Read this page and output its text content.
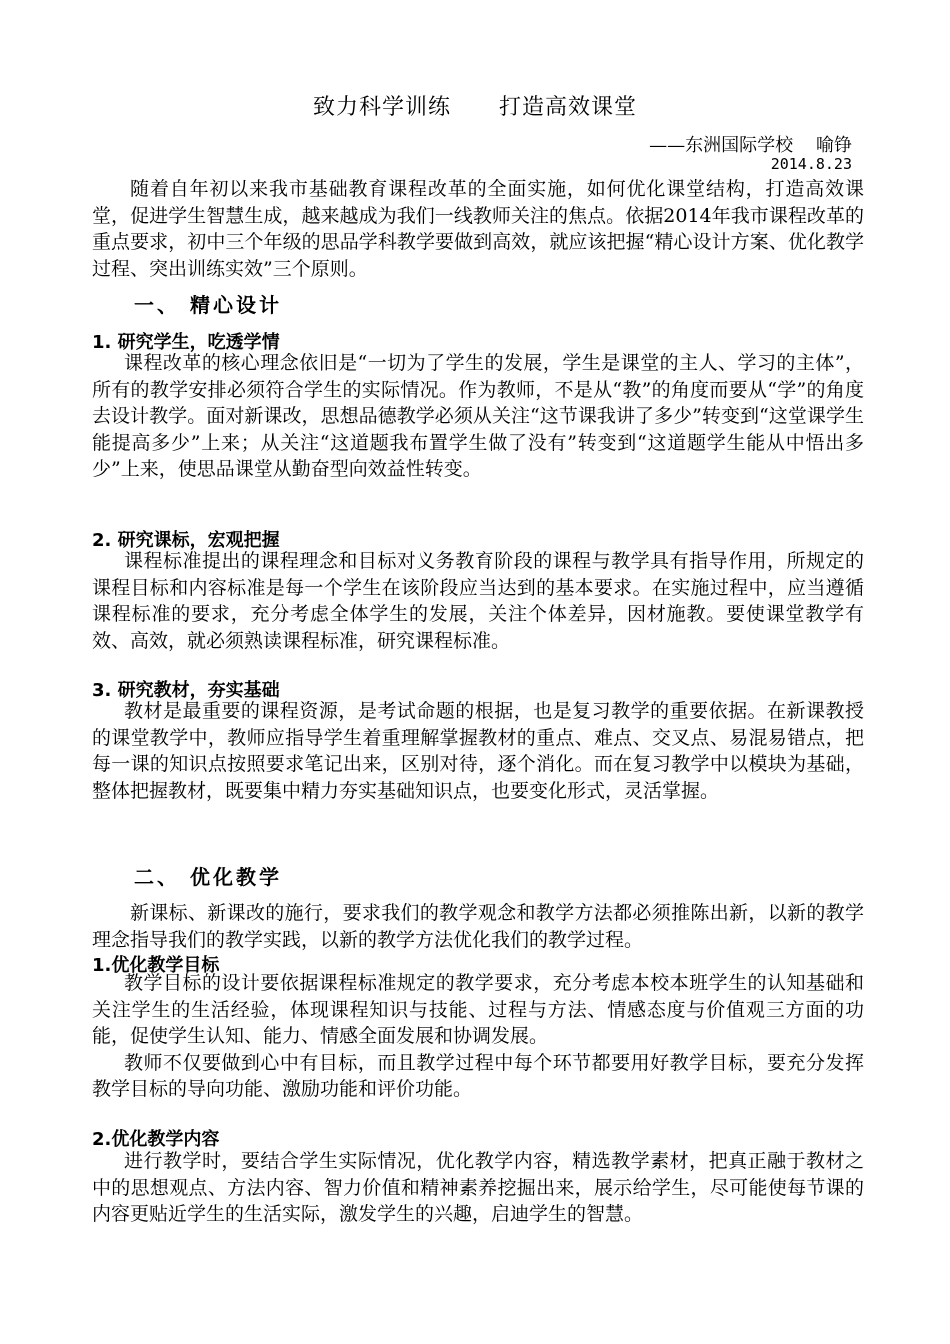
致力科学训练      打造高效课堂
——东洲国际学校    喻铮
2014.8.23

随着自年初以来我市基础教育课程改革的全面实施，如何优化课堂结构，打造高效课堂，促进学生智慧生成，越来越成为我们一线教师关注的焦点。依据2014年我市课程改革的重点要求，初中三个年级的思品学科教学要做到高效，就应该把握“精心设计方案、优化教学过程、突出训练实效”三个原则。

一、 精心设计
1. 研究学生，吃透学情

课程改革的核心理念依旧是“一切为了学生的发展，学生是课堂的主人、学习的主体”，所有的教学安排必须符合学生的实际情况。作为教师，不是从“教”的角度而要从“学”的角度去设计教学。面对新课改，思想品德教学必须从关注“这节课我讲了多少”转变到“这堂课学生能提高多少”上来；从关注“这道题我布置学生做了没有”转变到“这道题学生能从中悟出多少”上来，使思品课堂从勤奋型向效益性转变。

2. 研究课标，宏观把握

课程标准提出的课程理念和目标对义务教育阶段的课程与教学具有指导作用，所规定的课程目标和内容标准是每一个学生在该阶段应当达到的基本要求。在实施过程中，应当遵循课程标准的要求，充分考虑全体学生的发展，关注个体差异，因材施教。要使课堂教学有效、高效，就必须熟读课程标准，研究课程标准。

3. 研究教材，夯实基础

教材是最重要的课程资源，是考试命题的根据，也是复习教学的重要依据。在新课教授的课堂教学中，教师应指导学生着重理解掌握教材的重点、难点、交叉点、易混易错点，把每一课的知识点按照要求笔记出来，区别对待，逐个消化。而在复习教学中以模块为基础，整体把握教材，既要集中精力夯实基础知识点，也要变化形式，灵活掌握。

二、 优化教学

新课标、新课改的施行，要求我们的教学观念和教学方法都必须推陈出新，以新的教学理念指导我们的教学实践，以新的教学方法优化我们的教学过程。

1.优化教学目标

教学目标的设计要依据课程标准规定的教学要求，充分考虑本校本班学生的认知基础和关注学生的生活经验，体现课程知识与技能、过程与方法、情感态度与价值观三方面的功能，促使学生认知、能力、情感全面发展和协调发展。

教师不仅要做到心中有目标，而且教学过程中每个环节都要用好教学目标，要充分发挥教学目标的导向功能、激励功能和评价功能。

2.优化教学内容

进行教学时，要结合学生实际情况，优化教学内容，精选教学素材，把真正融于教材之中的思想观点、方法内容、智力价值和精神素养挖掘出来，展示给学生，尽可能使每节课的内容更贴近学生的生活实际，激发学生的兴趣，启迪学生的智慧。
